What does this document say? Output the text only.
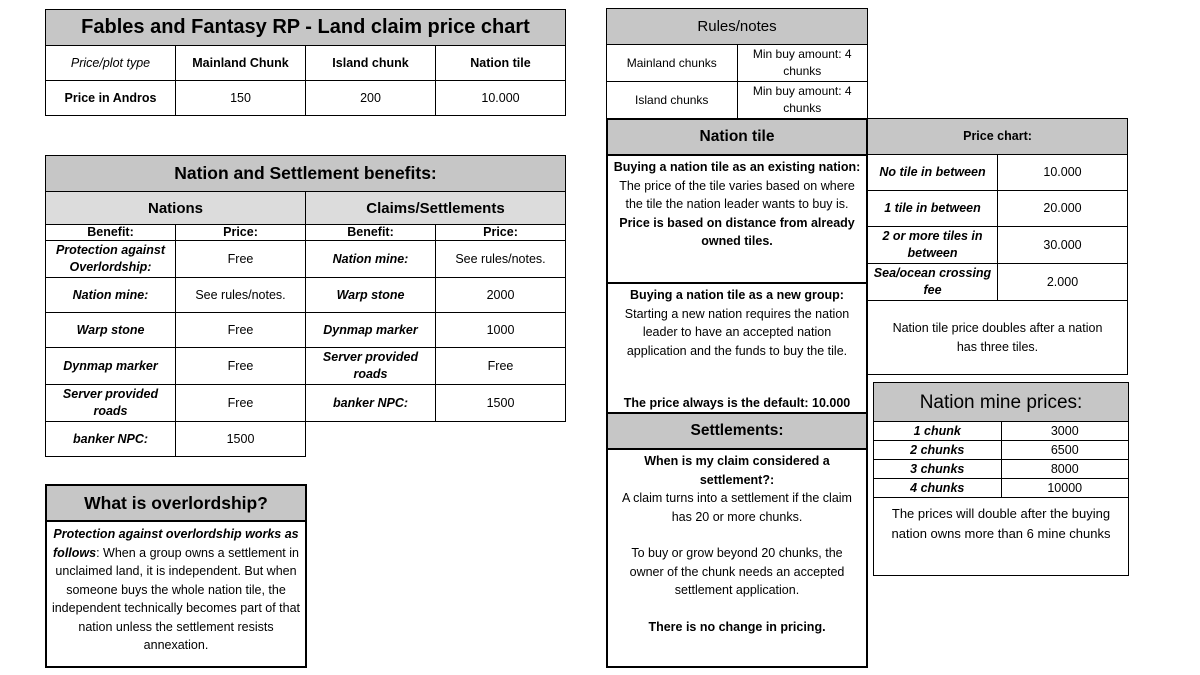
Fables and Fantasy RP - Land claim price chart			
Price/plot type	Mainland Chunk	Island chunk	Nation tile
Price in Andros	150	200	10.000
Nation and Settlement benefits:			
Nations		Claims/Settlements	
Benefit:	Price:	Benefit:	Price:
Protection against Overlordship:	Free	Nation mine:	See rules/notes.
Nation mine:	See rules/notes.	Warp stone	2000
Warp stone	Free	Dynmap marker	1000
Dynmap marker	Free	Server provided roads	Free
Server provided roads	Free	banker NPC:	1500
banker NPC:	1500		
What is overlordship?
Protection against overlordship works as follows: When a group owns a settlement in unclaimed land, it is independent. But when someone buys the whole nation tile, the independent technically becomes part of that nation unless the settlement resists annexation.
Rules/notes	
Mainland chunks	Min buy amount: 4 chunks
Island chunks	Min buy amount: 4 chunks
Nation tile
Buying a nation tile as an existing nation:
The price of the tile varies based on where the tile the nation leader wants to buy is.
Price is based on distance from already owned tiles.
Buying a nation tile as a new group:
Starting a new nation requires the nation leader to have an accepted nation application and the funds to buy the tile.
The price always is the default: 10.000
Settlements:
When is my claim considered a settlement?:
A claim turns into a settlement if the claim has 20 or more chunks.
To buy or grow beyond 20 chunks, the owner of the chunk needs an accepted settlement application.
There is no change in pricing.
Price chart:	
No tile in between	10.000
1 tile in between	20.000
2 or more tiles in between	30.000
Sea/ocean crossing fee	2.000
Nation tile price doubles after a nation has three tiles.	
Nation mine prices:	
1 chunk	3000
2 chunks	6500
3 chunks	8000
4 chunks	10000
The prices will double after the buying nation owns more than 6 mine chunks	
